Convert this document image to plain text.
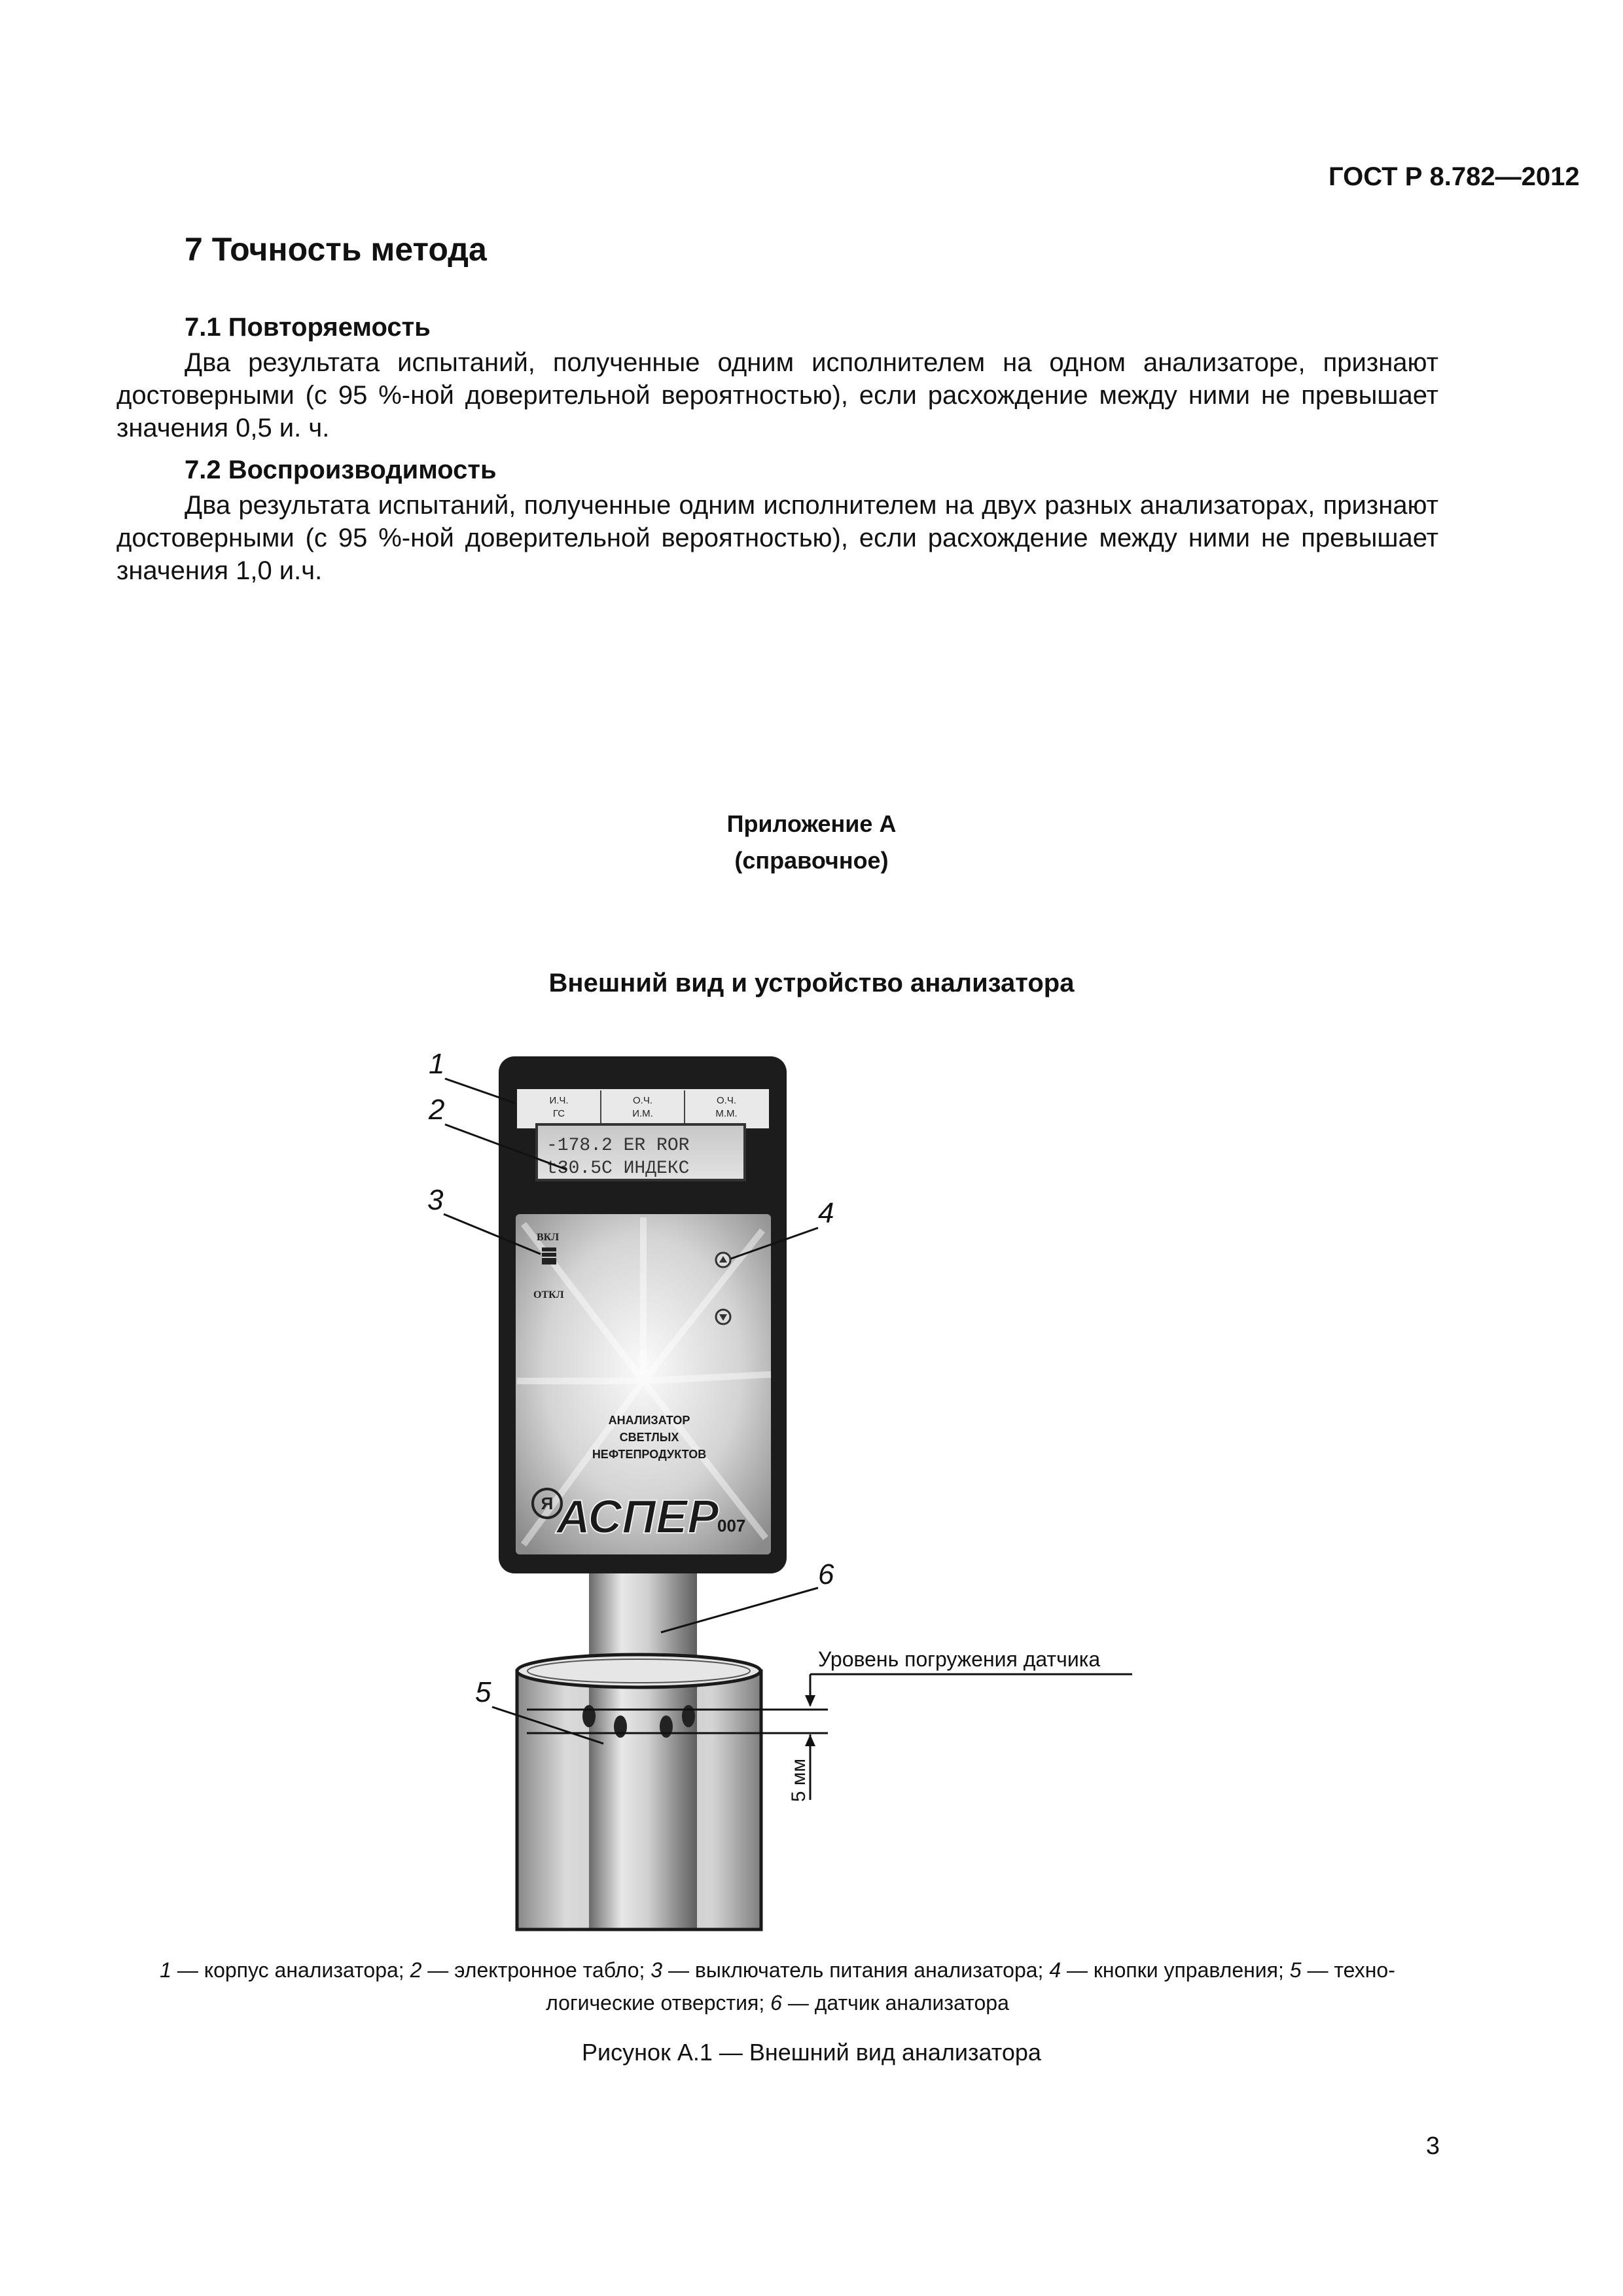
ГОСТ Р 8.782—2012
7 Точность метода
7.1 Повторяемость

Два результата испытаний, полученные одним исполнителем на одном анализаторе, признают достоверными (с 95 %-ной доверительной вероятностью), если расхождение между ними не превышает значения 0,5 и. ч.

7.2 Воспроизводимость

Два результата испытаний, полученные одним исполнителем на двух разных анализаторах, признают достоверными (с 95 %-ной доверительной вероятностью), если расхождение между ними не превышает значения 1,0 и.ч.

Приложение А
(справочное)
Внешний вид и устройство анализатора
И.Ч.
ГС
О.Ч.
И.М.
О.Ч.
М.М.
-178.2 ER ROR
t30.5C ИНДЕКС
ВКЛ
ОТКЛ
АНАЛИЗАТОР
СВЕТЛЫХ
НЕФТЕПРОДУКТОВ
Я АСПЕР
007
1
2
3	4
5
6
Уровень погружения датчика
5 мм
1 — корпус анализатора; 2 — электронное табло; 3 — выключатель питания анализатора; 4 — кнопки управления; 5 — техно-логические отверстия; 6 — датчик анализатора
Рисунок А.1 — Внешний вид анализатора
3
